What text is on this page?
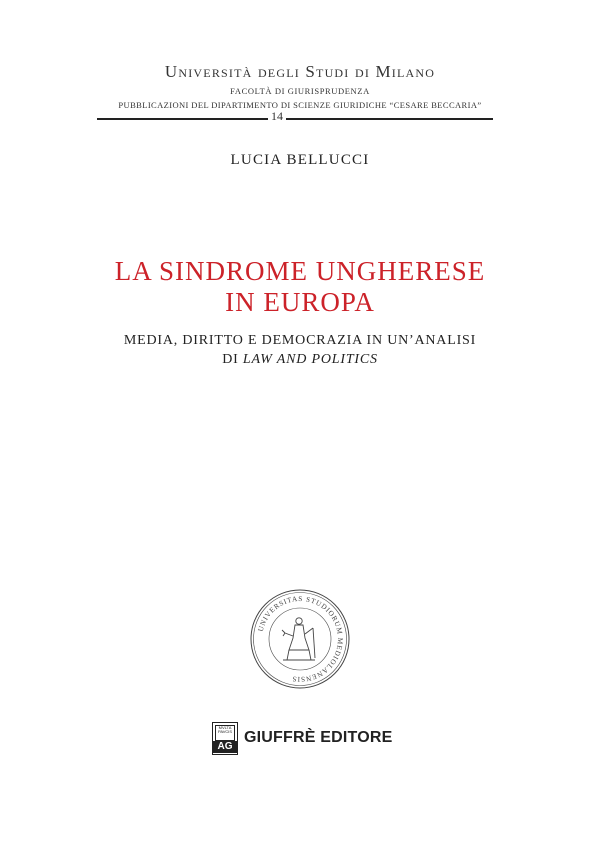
Università degli Studi di Milano
FACOLTÀ DI GIURISPRUDENZA
PUBBLICAZIONI DEL DIPARTIMENTO DI SCIENZE GIURIDICHE “CESARE BECCARIA”
14
LUCIA BELLUCCI
LA SINDROME UNGHERESE
IN EUROPA
MEDIA, DIRITTO E DEMOCRAZIA IN UN’ANALISI
DI LAW AND POLITICS
UNIVERSITAS STUDIORUM MEDIOLANENSIS
MVLTA PAVCIS
AG GIUFFRÈ EDITORE
